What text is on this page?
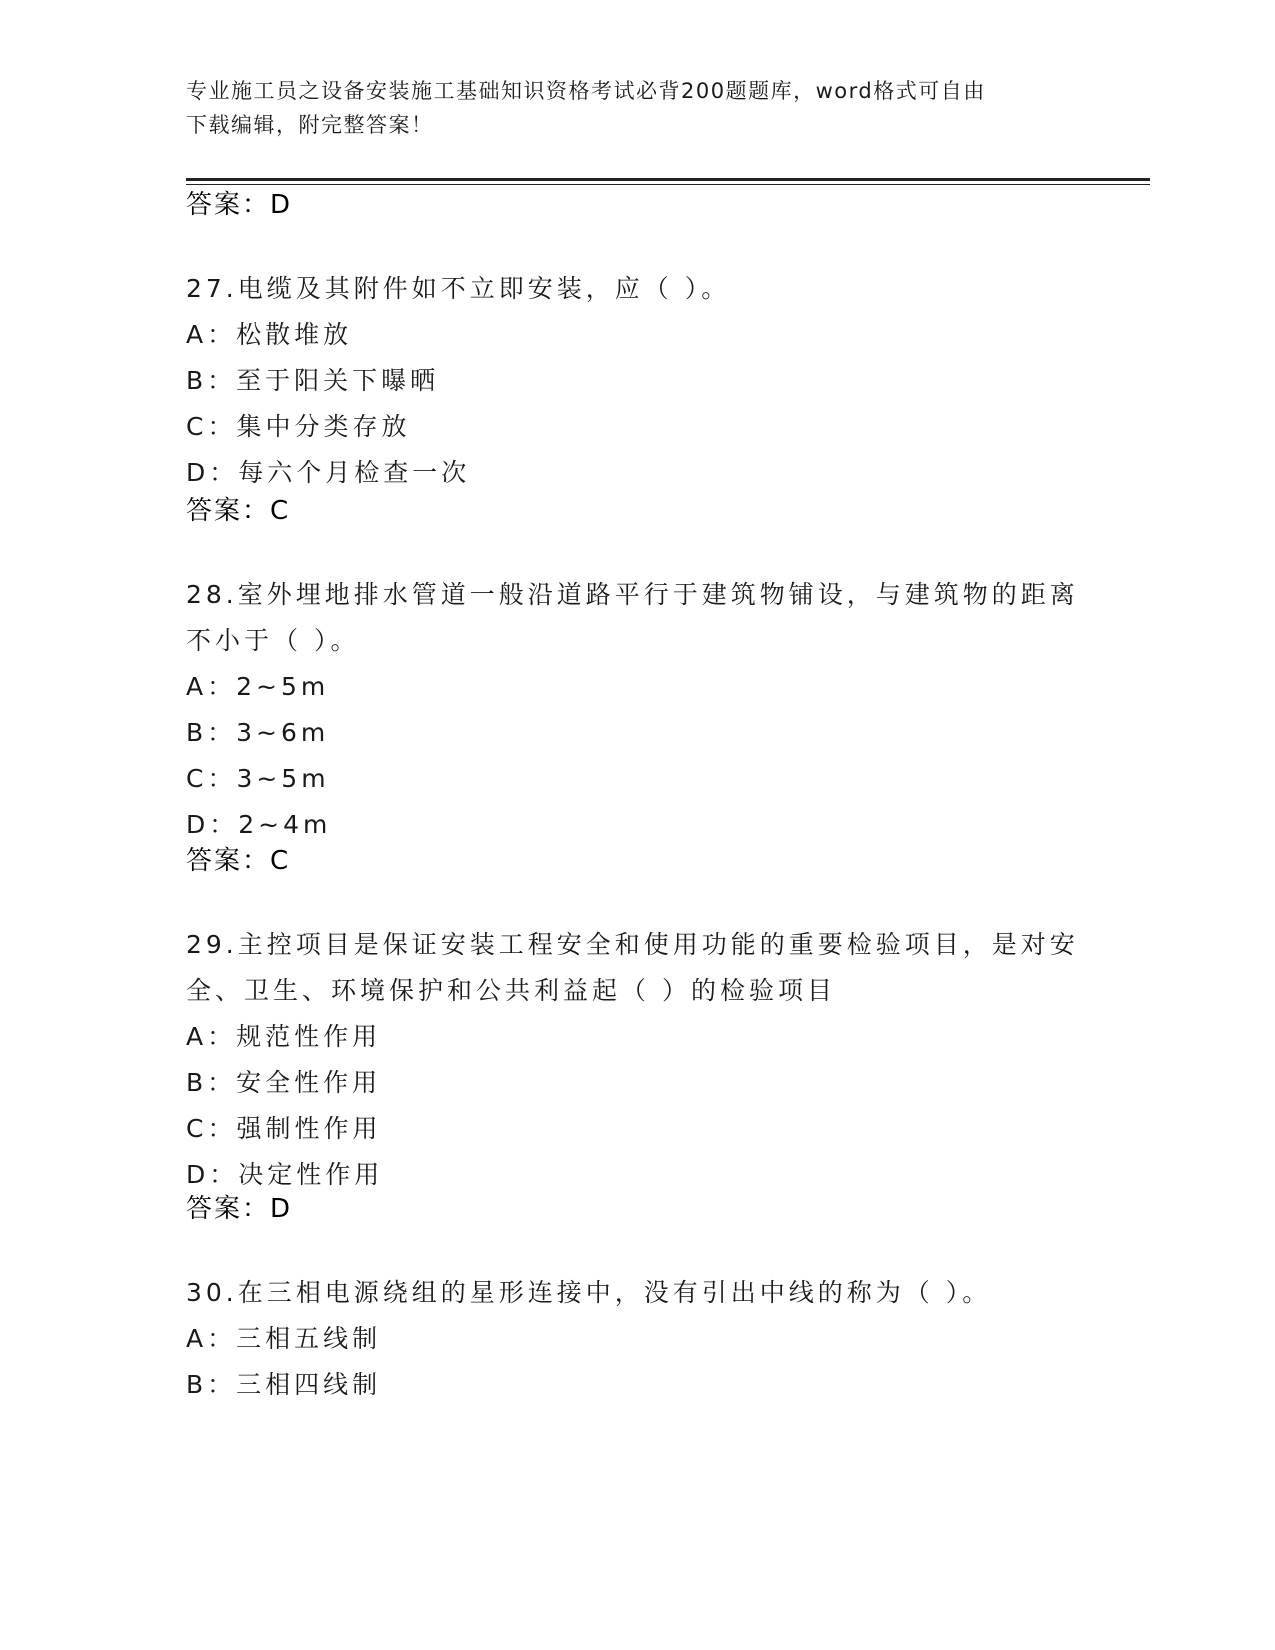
专业施工员之设备安装施工基础知识资格考试必背200题题库，word格式可自由
下载编辑，附完整答案！
答案：D
27.电缆及其附件如不立即安装，应（ ）。
A：松散堆放
B：至于阳关下曝晒
C：集中分类存放
D：每六个月检查一次
答案：C
28.室外埋地排水管道一般沿道路平行于建筑物铺设，与建筑物的距离
不小于（ ）。
A：2~5m
B：3~6m
C：3~5m
D：2~4m
答案：C
29.主控项目是保证安装工程安全和使用功能的重要检验项目，是对安
全、卫生、环境保护和公共利益起（ ）的检验项目
A：规范性作用
B：安全性作用
C：强制性作用
D：决定性作用
答案：D
30.在三相电源绕组的星形连接中，没有引出中线的称为（ ）。
A：三相五线制
B：三相四线制
